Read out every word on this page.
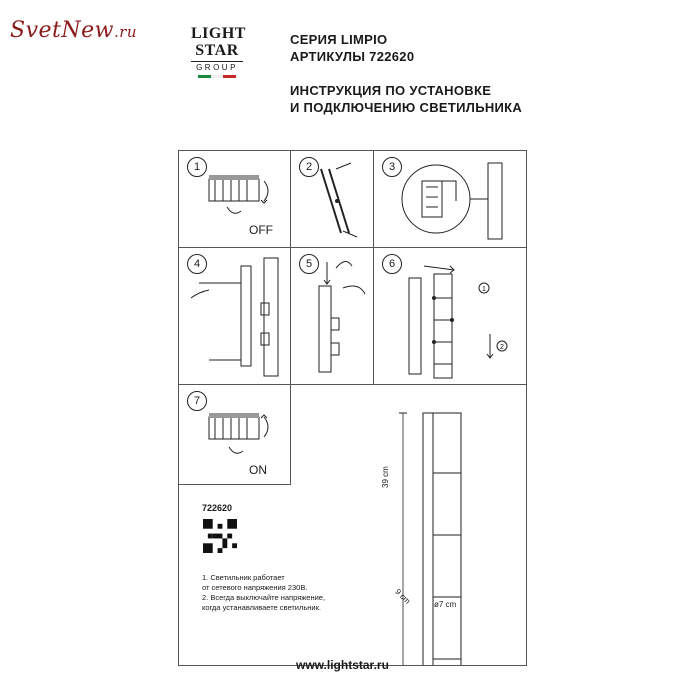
SvetNew.ru	LIGHT
STAR
GROUP
СЕРИЯ LIMPIO
АРТИКУЛЫ 722620
ИНСТРУКЦИЯ ПО УСТАНОВКЕ
И ПОДКЛЮЧЕНИЮ СВЕТИЛЬНИКА
1
OFF
2	3
4	5	6
1
2
7
ON	39 cm
9 cm	ø7 cm
722620
1. Светильник работает
от сетевого напряжения 230В.
2. Всегда выключайте напряжение,
когда устанавливаете светильник.
www.lightstar.ru
